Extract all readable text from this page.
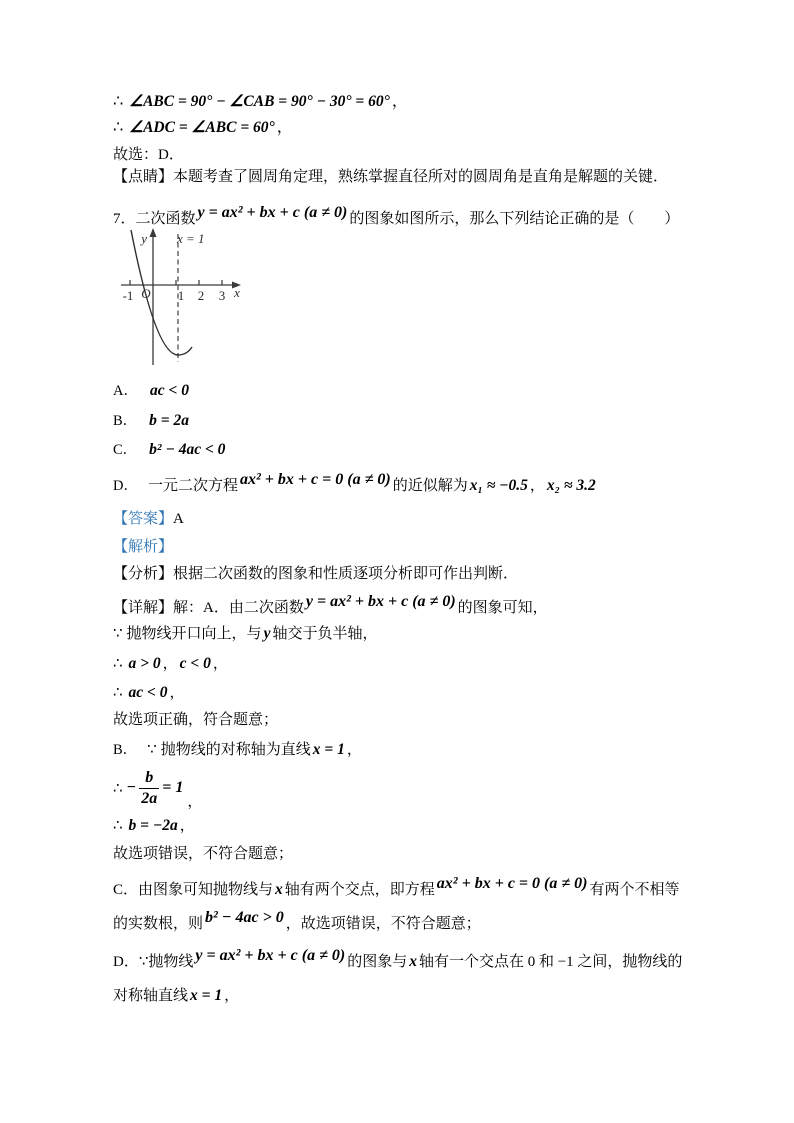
∴ ∠ABC = 90° − ∠CAB = 90° − 30° = 60° ，

∴ ∠ADC = ∠ABC = 60° ，

故选：D．

【点睛】本题考查了圆周角定理，熟练掌握直径所对的圆周角是直角是解题的关键．

7．二次函数 y = ax² + bx + c (a ≠ 0) 的图象如图所示，那么下列结论正确的是（　　）

y x = 1
-1 O 1 2 3 x

A． ac < 0

B． b = 2a

C． b² − 4ac < 0

D． 一元二次方程 ax² + bx + c = 0 (a ≠ 0) 的近似解为 x₁ ≈ −0.5 ， x₂ ≈ 3.2

【答案】A

【解析】

【分析】根据二次函数的图象和性质逐项分析即可作出判断．

【详解】解：A．由二次函数 y = ax² + bx + c (a ≠ 0) 的图象可知，

∵ 抛物线开口向上，与 y 轴交于负半轴，

∴ a > 0 ， c < 0 ，

∴ ac < 0 ，

故选项正确，符合题意；

B． ∵ 抛物线的对称轴为直线 x = 1 ，

∴ − $\frac{b}{2a} = 1$
，

∴ b = −2a ，

故选项错误，不符合题意；

C．由图象可知抛物线与 x 轴有两个交点，即方程 ax² + bx + c = 0 (a ≠ 0) 有两个不相等的实数根，则 b² − 4ac > 0 ，故选项错误，不符合题意；

D．∵抛物线 y = ax² + bx + c (a ≠ 0) 的图象与 x 轴有一个交点在 0 和 −1 之间，抛物线的对称轴直线 x = 1 ，
